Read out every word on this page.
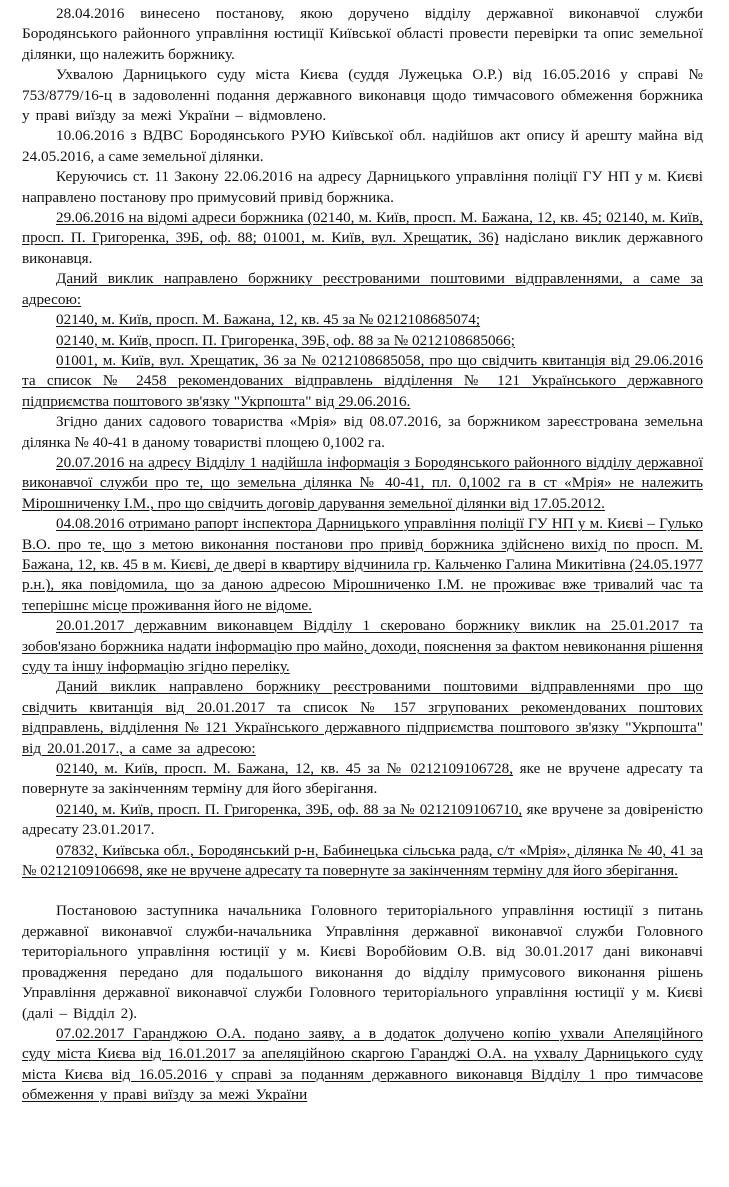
28.04.2016 винесено постанову, якою доручено відділу державної виконавчої служби Бородянського районного управління юстиції Київської області провести перевірки та опис земельної ділянки, що належить боржнику.

Ухвалою Дарницького суду міста Києва (суддя Лужецька О.Р.) від 16.05.2016 у справі № 753/8779/16-ц в задоволенні подання державного виконавця щодо тимчасового обмеження боржника у праві виїзду за межі України – відмовлено.

10.06.2016 з ВДВС Бородянського РУЮ Київської обл. надійшов акт опису й арешту майна від 24.05.2016, а саме земельної ділянки.

Керуючись ст. 11 Закону 22.06.2016 на адресу Дарницького управління поліції ГУ НП у м. Києві направлено постанову про примусовий привід боржника.

29.06.2016 на відомі адреси боржника (02140, м. Київ, просп. М. Бажана, 12, кв. 45; 02140, м. Київ, просп. П. Григоренка, 39Б, оф. 88; 01001, м. Київ, вул. Хрещатик, 36) надіслано виклик державного виконавця.

Даний виклик направлено боржнику реєстрованими поштовими відправленнями, а саме за адресою:

02140, м. Київ, просп. М. Бажана, 12, кв. 45 за № 0212108685074;

02140, м. Київ, просп. П. Григоренка, 39Б, оф. 88 за № 0212108685066;

01001, м. Київ, вул. Хрещатик, 36 за № 0212108685058, про що свідчить квитанція від 29.06.2016 та список № 2458 рекомендованих відправлень відділення № 121 Українського державного підприємства поштового зв'язку "Укрпошта" від 29.06.2016.

Згідно даних садового товариства «Мрія» від 08.07.2016, за боржником зареєстрована земельна ділянка № 40-41 в даному товаристві площею 0,1002 га.

20.07.2016 на адресу Відділу 1 надійшла інформація з Бородянського районного відділу державної виконавчої служби про те, що земельна ділянка № 40-41, пл. 0,1002 га в ст «Мрія» не належить Мірошниченку І.М., про що свідчить договір дарування земельної ділянки від 17.05.2012.

04.08.2016 отримано рапорт інспектора Дарницького управління поліції ГУ НП у м. Києві – Гулько В.О. про те, що з метою виконання постанови про привід боржника здійснено вихід по просп. М. Бажана, 12, кв. 45 в м. Києві, де двері в квартиру відчинила гр. Кальченко Галина Микитівна (24.05.1977 р.н.), яка повідомила, що за даною адресою Мірошниченко І.М. не проживає вже тривалий час та теперішнє місце проживання його не відоме.

20.01.2017 державним виконавцем Відділу 1 скеровано боржнику виклик на 25.01.2017 та зобов'язано боржника надати інформацію про майно, доходи, пояснення за фактом невиконання рішення суду та іншу інформацію згідно переліку.

Даний виклик направлено боржнику реєстрованими поштовими відправленнями про що свідчить квитанція від 20.01.2017 та список № 157 згрупованих рекомендованих поштових відправлень, відділення № 121 Українського державного підприємства поштового зв'язку "Укрпошта" від 20.01.2017., а саме за адресою:

02140, м. Київ, просп. М. Бажана, 12, кв. 45 за № 0212109106728, яке не вручене адресату та повернуте за закінченням терміну для його зберігання.

02140, м. Київ, просп. П. Григоренка, 39Б, оф. 88 за № 0212109106710, яке вручене за довіреністю адресату 23.01.2017.

07832, Київська обл., Бородянський р-н, Бабинецька сільська рада, с/т «Мрія», ділянка № 40, 41 за № 0212109106698, яке не вручене адресату та повернуте за закінченням терміну для його зберігання.

Постановою заступника начальника Головного територіального управління юстиції з питань державної виконавчої служби-начальника Управління державної виконавчої служби Головного територіального управління юстиції у м. Києві Воробйовим О.В. від 30.01.2017 дані виконавчі провадження передано для подальшого виконання до відділу примусового виконання рішень Управління державної виконавчої служби Головного територіального управління юстиції у м. Києві (далі – Відділ 2).

07.02.2017 Гаранджою О.А. подано заяву, а в додаток долучено копію ухвали Апеляційного суду міста Києва від 16.01.2017 за апеляційною скаргою Гаранджі О.А. на ухвалу Дарницького суду міста Києва від 16.05.2016 у справі за поданням державного виконавця Відділу 1 про тимчасове обмеження у праві виїзду за межі України
